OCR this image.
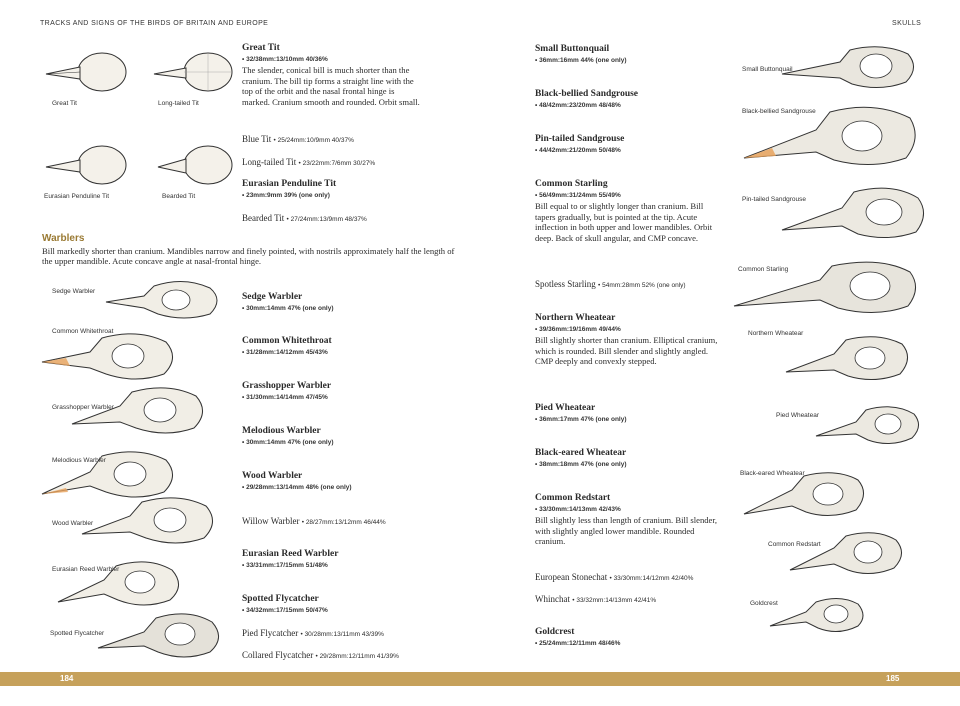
TRACKS AND SIGNS OF THE BIRDS OF BRITAIN AND EUROPE
Great Tit	Long-tailed Tit
Eurasian Penduline Tit	Bearded Tit
Great Tit
• 32/38mm:13/10mm 40/36%
The slender, conical bill is much shorter than the cranium. The bill tip forms a straight line with the top of the orbit and the nasal frontal hinge is marked. Cranium smooth and rounded. Orbit small.
Blue Tit • 25/24mm:10/9mm 40/37%
Long-tailed Tit • 23/22mm:7/6mm 30/27%
Eurasian Penduline Tit
• 23mm:9mm 39% (one only)
Bearded Tit • 27/24mm:13/9mm 48/37%
Warblers
Bill markedly shorter than cranium. Mandibles narrow and finely pointed, with nostrils approximately half the length of the upper mandible. Acute concave angle at nasal-frontal hinge.
Sedge Warbler
Common Whitethroat
Grasshopper Warbler
Melodious Warbler
Wood Warbler
Eurasian Reed Warbler
Spotted Flycatcher
Sedge Warbler
• 30mm:14mm 47% (one only)
Common Whitethroat
• 31/28mm:14/12mm 45/43%
Grasshopper Warbler
• 31/30mm:14/14mm 47/45%
Melodious Warbler
• 30mm:14mm 47% (one only)
Wood Warbler
• 29/28mm:13/14mm 48% (one only)
Willow Warbler • 28/27mm:13/12mm 46/44%
Eurasian Reed Warbler
• 33/31mm:17/15mm 51/48%
Spotted Flycatcher
• 34/32mm:17/15mm 50/47%
Pied Flycatcher • 30/28mm:13/11mm 43/39%
Collared Flycatcher • 29/28mm:12/11mm 41/39%
184
SKULLS
Small Buttonquail
• 36mm:16mm 44% (one only)
Black-bellied Sandgrouse
• 48/42mm:23/20mm 48/48%
Pin-tailed Sandgrouse
• 44/42mm:21/20mm 50/48%
Common Starling
• 56/49mm:31/24mm 55/49%
Bill equal to or slightly longer than cranium. Bill tapers gradually, but is pointed at the tip. Acute inflection in both upper and lower mandibles. Orbit deep. Back of skull angular, and CMP concave.
Spotless Starling • 54mm:28mm 52% (one only)
Northern Wheatear
• 39/36mm:19/16mm 49/44%
Bill slightly shorter than cranium. Elliptical cranium, which is rounded. Bill slender and slightly angled. CMP deeply and convexly stepped.
Pied Wheatear
• 36mm:17mm 47% (one only)
Black-eared Wheatear
• 38mm:18mm 47% (one only)
Common Redstart
• 33/30mm:14/13mm 42/43%
Bill slightly less than length of cranium. Bill slender, with slightly angled lower mandible. Rounded cranium.
European Stonechat • 33/30mm:14/12mm 42/40%
Whinchat • 33/32mm:14/13mm 42/41%
Goldcrest
• 25/24mm:12/11mm 48/46%
Small Buttonquail
Black-bellied Sandgrouse
Pin-tailed Sandgrouse
Common Starling
Northern Wheatear
Pied Wheatear
Black-eared Wheatear
Common Redstart
Goldcrest
185
